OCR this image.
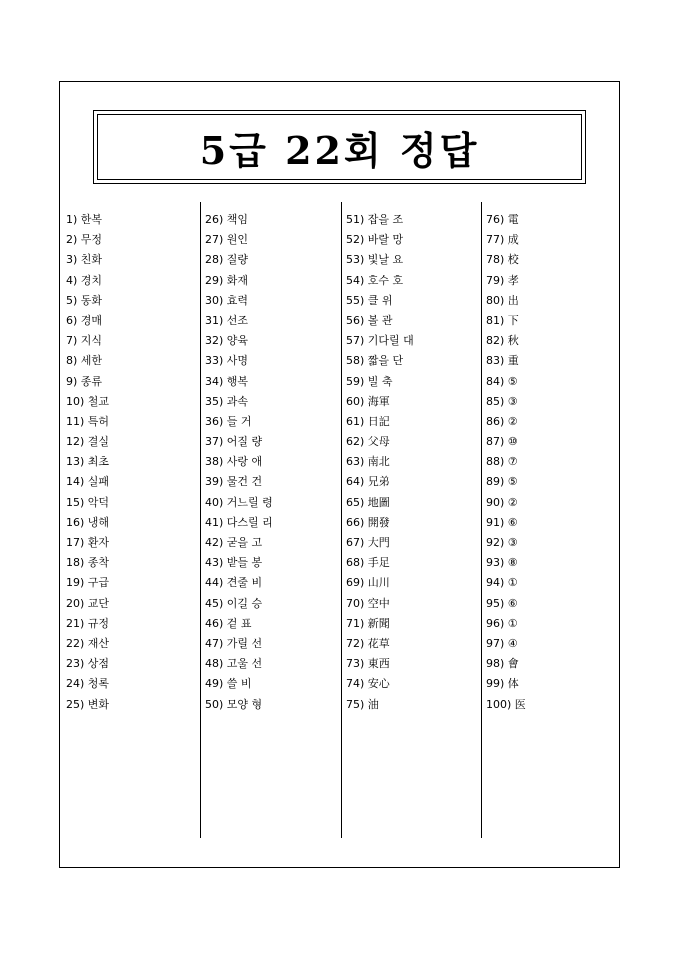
5급 22회 정답
1) 한복
2) 무정
3) 친화
4) 경치
5) 동화
6) 경매
7) 지식
8) 세한
9) 종류
10) 철교
11) 특허
12) 결실
13) 최초
14) 실패
15) 악덕
16) 냉해
17) 환자
18) 종착
19) 구급
20) 교단
21) 규정
22) 재산
23) 상점
24) 청록
25) 변화
26) 책임
27) 원인
28) 질량
29) 화재
30) 효력
31) 선조
32) 양육
33) 사명
34) 행복
35) 과속
36) 들 거
37) 어질 량
38) 사랑 애
39) 물건 건
40) 거느릴 령
41) 다스릴 리
42) 굳을 고
43) 받들 봉
44) 견줄 비
45) 이길 승
46) 겉 표
47) 가릴 선
48) 고울 선
49) 쓸 비
50) 모양 형
51) 잡을 조
52) 바랄 망
53) 빛날 요
54) 호수 호
55) 클 위
56) 볼 관
57) 기다릴 대
58) 짧을 단
59) 빌 축
60) 海軍
61) 日記
62) 父母
63) 南北
64) 兄弟
65) 地圖
66) 開發
67) 大門
68) 手足
69) 山川
70) 空中
71) 新聞
72) 花草
73) 東西
74) 安心
75) 油
76) 電
77) 成
78) 校
79) 孝
80) 出
81) 下
82) 秋
83) 重
84) ⑤
85) ③
86) ②
87) ⑩
88) ⑦
89) ⑤
90) ②
91) ⑥
92) ③
93) ⑧
94) ①
95) ⑥
96) ①
97) ④
98) 會
99) 体
100) 医
